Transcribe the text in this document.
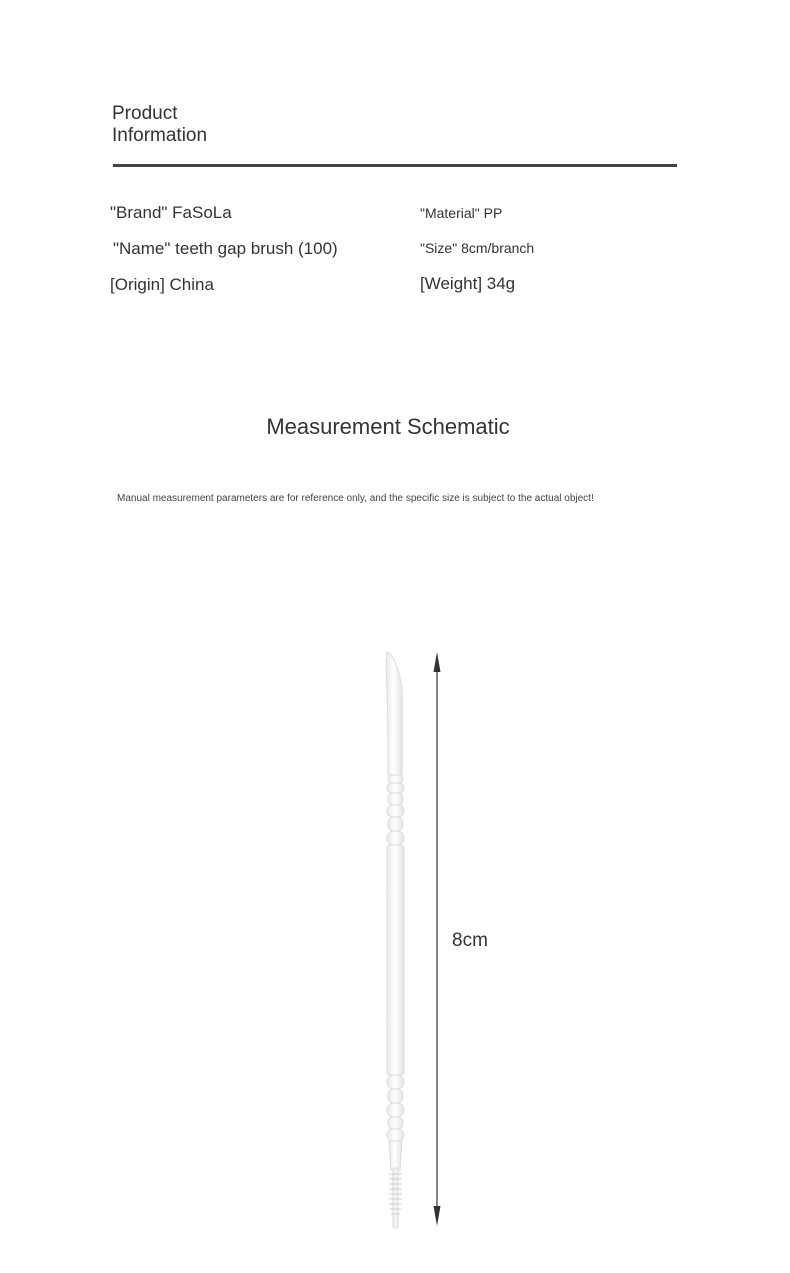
Product
Information
"Brand" FaSoLa
"Name" teeth gap brush (100)
[Origin] China
"Material" PP
"Size" 8cm/branch
[Weight] 34g
Measurement Schematic
Manual measurement parameters are for reference only, and the specific size is subject to the actual object!
8cm
